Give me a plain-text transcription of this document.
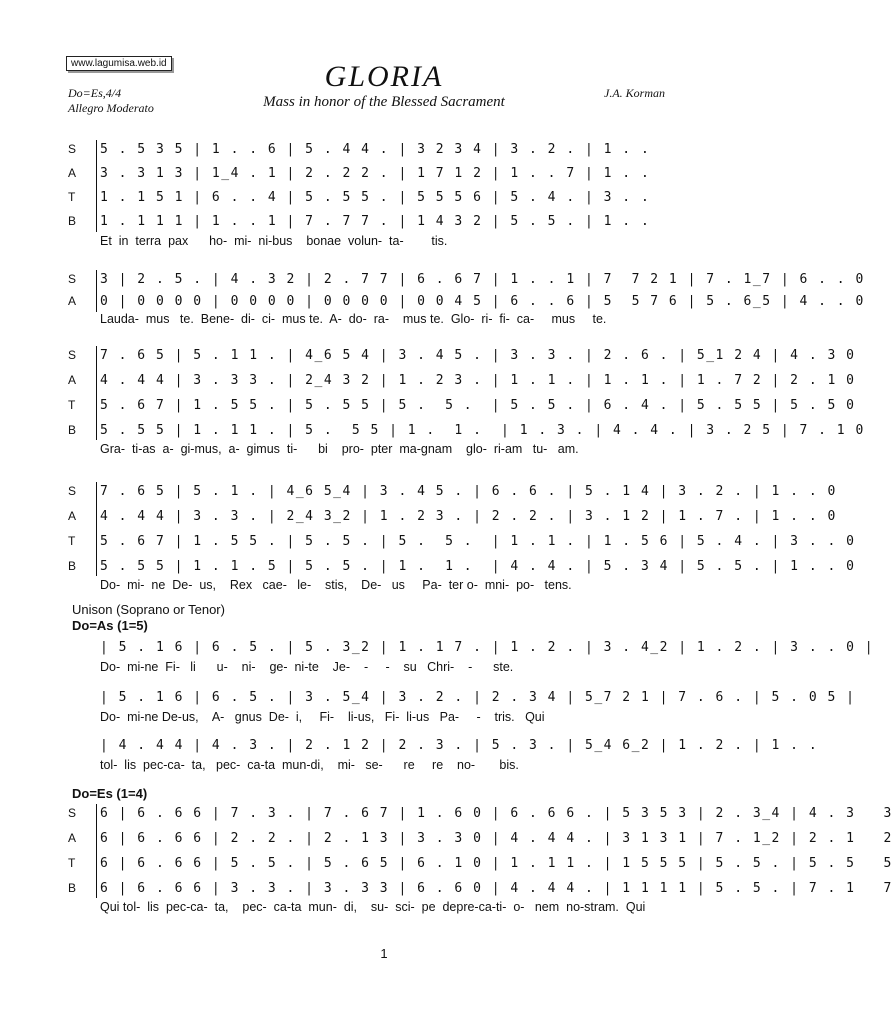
www.lagumisa.web.id	GLORIA
Mass in honor of the Blessed Sacrament
Do=Es,4/4
Allegro Moderato
J.A. Korman
S 5 . 5 3 5 | 1 . . 6 | 5 . 4 4 . | 3 2 3 4 | 3 . 2 . | 1 . .
A 3 . 3 1 3 | 1_4 . 1 | 2 . 2 2 . | 1 7 1 2 | 1 . . 7 | 1 . .
T 1 . 1 5 1 | 6 . . 4 | 5 . 5 5 . | 5 5 5 6 | 5 . 4 . | 3 . .
B 1 . 1 1 1 | 1 . . 1 | 7 . 7 7 . | 1 4 3 2 | 5 . 5 . | 1 . .
Et  in  terra  pax      ho-  mi-  ni-bus    bonae  volun-  ta-        tis.
S 3 | 2 . 5 . | 4 . 3 2 | 2 . 7 7 | 6 . 6 7 | 1 . . 1 | 7  7 2 1 | 7 . 1_7 | 6 . . 0
A 0 | 0 0 0 0 | 0 0 0 0 | 0 0 0 0 | 0 0 4 5 | 6 . . 6 | 5  5 7 6 | 5 . 6_5 | 4 . . 0
Lauda-  mus   te.  Bene-  di-  ci-  mus te.  A-  do-  ra-    mus te.  Glo-  ri-  fi-  ca-     mus     te.
S 7 . 6 5 | 5 . 1 1 . | 4_6 5 4 | 3 . 4 5 . | 3 . 3 . | 2 . 6 . | 5_1 2 4 | 4 . 3 0
A 4 . 4 4 | 3 . 3 3 . | 2_4 3 2 | 1 . 2 3 . | 1 . 1 . | 1 . 1 . | 1 . 7 2 | 2 . 1 0
T 5 . 6 7 | 1 . 5 5 . | 5 . 5 5 | 5 .  5 .  | 5 . 5 . | 6 . 4 . | 5 . 5 5 | 5 . 5 0
B 5 . 5 5 | 1 . 1 1 . | 5 .  5 5 | 1 .  1 .  | 1 . 3 . | 4 . 4 . | 3 . 2 5 | 7 . 1 0
Gra-  ti-as  a-  gi-mus,  a-  gimus  ti-      bi    pro-  pter  ma-gnam    glo-  ri-am   tu-   am.
S 7 . 6 5 | 5 . 1 . | 4_6 5_4 | 3 . 4 5 . | 6 . 6 . | 5 . 1 4 | 3 . 2 . | 1 . . 0
A 4 . 4 4 | 3 . 3 . | 2_4 3_2 | 1 . 2 3 . | 2 . 2 . | 3 . 1 2 | 1 . 7 . | 1 . . 0
T 5 . 6 7 | 1 . 5 5 . | 5 . 5 . | 5 .  5 .  | 1 . 1 . | 1 . 5 6 | 5 . 4 . | 3 . . 0
B 5 . 5 5 | 1 . 1 . 5 | 5 . 5 . | 1 .  1 .  | 4 . 4 . | 5 . 3 4 | 5 . 5 . | 1 . . 0
Do-  mi-  ne  De-  us,    Rex   cae-   le-    stis,    De-   us     Pa-  ter o-  mni-  po-   tens.
Unison (Soprano or Tenor)
Do=As (1=5)
| 5 . 1 6 | 6 . 5 . | 5 . 3_2 | 1 . 1 7 . | 1 . 2 . | 3 . 4_2 | 1 . 2 . | 3 . . 0 |
Do-  mi-ne  Fi-   li      u-    ni-    ge-  ni-te    Je-    -     -    su   Chri-    -      ste.
| 5 . 1 6 | 6 . 5 . | 3 . 5_4 | 3 . 2 . | 2 . 3 4 | 5_7 2 1 | 7 . 6 . | 5 . 0 5 |
Do-  mi-ne De-us,    A-   gnus  De-  i,     Fi-    li-us,   Fi-  li-us   Pa-     -    tris.   Qui
| 4 . 4 4 | 4 . 3 . | 2 . 1 2 | 2 . 3 . | 5 . 3 . | 5_4 6_2 | 1 . 2 . | 1 . .
tol-  lis  pec-ca-  ta,   pec-  ca-ta  mun-di,    mi-   se-      re     re    no-       bis.
Do=Es (1=4)
S 6 | 6 . 6 6 | 7 . 3 . | 7 . 6 7 | 1 . 6 0 | 6 . 6 6 . | 5 3 5 3 | 2 . 3_4 | 4 . 3   3
A 6 | 6 . 6 6 | 2 . 2 . | 2 . 1 3 | 3 . 3 0 | 4 . 4 4 . | 3 1 3 1 | 7 . 1_2 | 2 . 1   2
T 6 | 6 . 6 6 | 5 . 5 . | 5 . 6 5 | 6 . 1 0 | 1 . 1 1 . | 1 5 5 5 | 5 . 5 . | 5 . 5   5
B 6 | 6 . 6 6 | 3 . 3 . | 3 . 3 3 | 6 . 6 0 | 4 . 4 4 . | 1 1 1 1 | 5 . 5 . | 7 . 1   7
Qui tol-  lis  pec-ca-  ta,    pec-  ca-ta  mun-  di,    su-  sci-  pe  depre-ca-ti-  o-   nem  no-stram.  Qui
1
